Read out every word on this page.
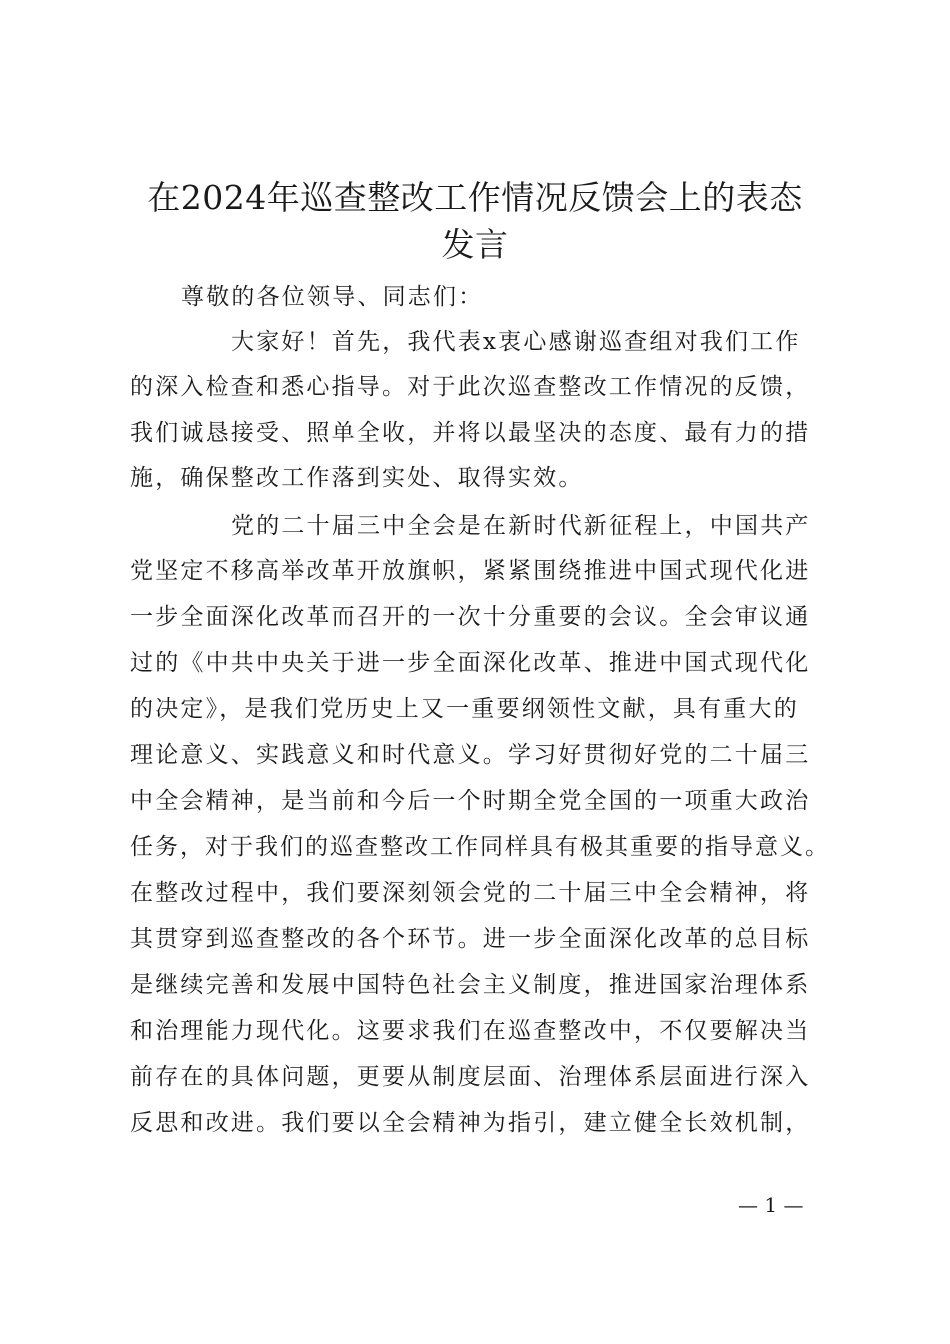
在2024年巡查整改工作情况反馈会上的表态
发言
尊敬的各位领导、同志们：
大家好！首先，我代表x衷心感谢巡查组对我们工作
的深入检查和悉心指导。对于此次巡查整改工作情况的反馈，
我们诚恳接受、照单全收，并将以最坚决的态度、最有力的措
施，确保整改工作落到实处、取得实效。
党的二十届三中全会是在新时代新征程上，中国共产
党坚定不移高举改革开放旗帜，紧紧围绕推进中国式现代化进
一步全面深化改革而召开的一次十分重要的会议。全会审议通
过的《中共中央关于进一步全面深化改革、推进中国式现代化
的决定》，是我们党历史上又一重要纲领性文献，具有重大的
理论意义、实践意义和时代意义。学习好贯彻好党的二十届三
中全会精神，是当前和今后一个时期全党全国的一项重大政治
任务，对于我们的巡查整改工作同样具有极其重要的指导意义。
在整改过程中，我们要深刻领会党的二十届三中全会精神，将
其贯穿到巡查整改的各个环节。进一步全面深化改革的总目标
是继续完善和发展中国特色社会主义制度，推进国家治理体系
和治理能力现代化。这要求我们在巡查整改中，不仅要解决当
前存在的具体问题，更要从制度层面、治理体系层面进行深入
反思和改进。我们要以全会精神为指引，建立健全长效机制，
— 1 —
